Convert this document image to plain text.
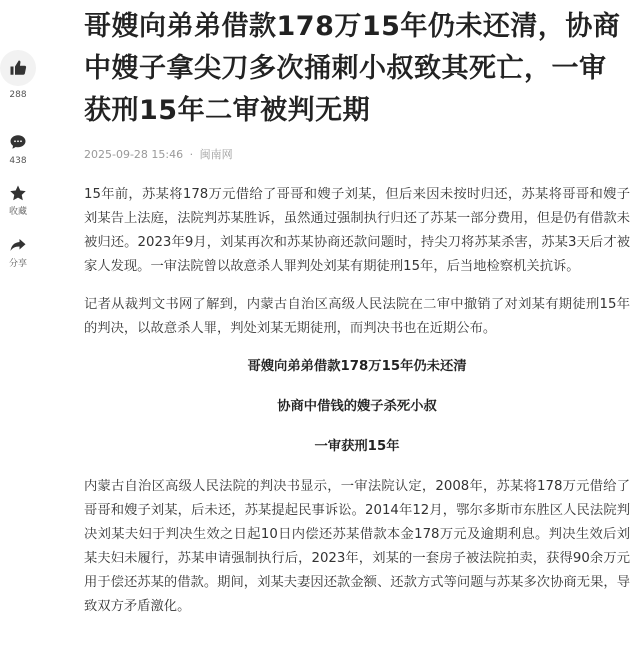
288
438
收藏
分享
哥嫂向弟弟借款178万15年仍未还清，协商中嫂子拿尖刀多次捅刺小叔致其死亡，一审获刑15年二审被判无期
2025-09-28 15:46 · 闽南网

15年前，苏某将178万元借给了哥哥和嫂子刘某，但后来因未按时归还，苏某将哥哥和嫂子刘某告上法庭，法院判苏某胜诉，虽然通过强制执行归还了苏某一部分费用，但是仍有借款未被归还。2023年9月，刘某再次和苏某协商还款问题时，持尖刀将苏某杀害，苏某3天后才被家人发现。一审法院曾以故意杀人罪判处刘某有期徒刑15年，后当地检察机关抗诉。

记者从裁判文书网了解到，内蒙古自治区高级人民法院在二审中撤销了对刘某有期徒刑15年的判决，以故意杀人罪，判处刘某无期徒刑，而判决书也在近期公布。

哥嫂向弟弟借款178万15年仍未还清

协商中借钱的嫂子杀死小叔

一审获刑15年

内蒙古自治区高级人民法院的判决书显示，一审法院认定，2008年，苏某将178万元借给了哥哥和嫂子刘某，后未还，苏某提起民事诉讼。2014年12月，鄂尔多斯市东胜区人民法院判决刘某夫妇于判决生效之日起10日内偿还苏某借款本金178万元及逾期利息。判决生效后刘某夫妇未履行，苏某申请强制执行后，2023年，刘某的一套房子被法院拍卖，获得90余万元用于偿还苏某的借款。期间，刘某夫妻因还款金额、还款方式等问题与苏某多次协商无果，导致双方矛盾激化。
